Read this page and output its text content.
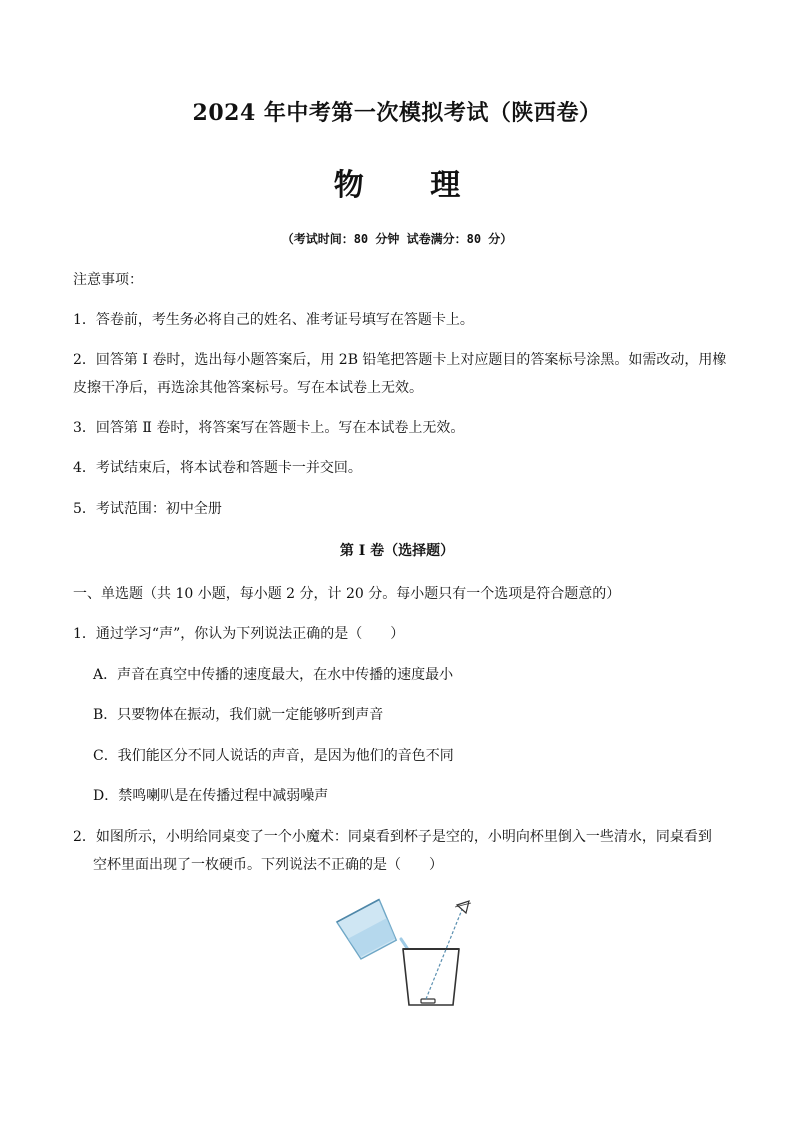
2024 年中考第一次模拟考试（陕西卷）
物 理
（考试时间：80 分钟 试卷满分：80 分）
注意事项：
1．答卷前，考生务必将自己的姓名、准考证号填写在答题卡上。
2．回答第 Ⅰ 卷时，选出每小题答案后，用 2B 铅笔把答题卡上对应题目的答案标号涂黑。如需改动，用橡
皮擦干净后，再选涂其他答案标号。写在本试卷上无效。
3．回答第 Ⅱ 卷时，将答案写在答题卡上。写在本试卷上无效。
4．考试结束后，将本试卷和答题卡一并交回。
5．考试范围：初中全册
第 Ⅰ 卷（选择题）
一、单选题（共 10 小题，每小题 2 分，计 20 分。每小题只有一个选项是符合题意的）
1．通过学习“声”，你认为下列说法正确的是（　　）
A．声音在真空中传播的速度最大，在水中传播的速度最小
B．只要物体在振动，我们就一定能够听到声音
C．我们能区分不同人说话的声音，是因为他们的音色不同
D．禁鸣喇叭是在传播过程中减弱噪声
2．如图所示，小明给同桌变了一个小魔术：同桌看到杯子是空的，小明向杯里倒入一些清水，同桌看到
空杯里面出现了一枚硬币。下列说法不正确的是（　　）
